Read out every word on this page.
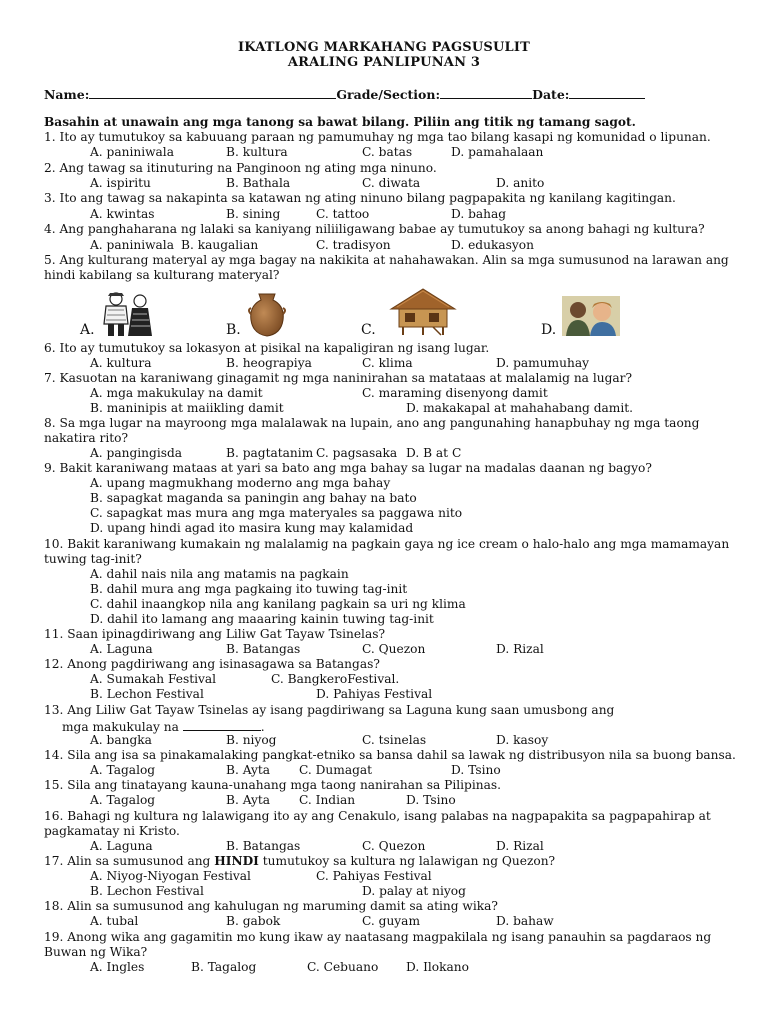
IKATLONG MARKAHANG PAGSUSULIT
ARALING PANLIPUNAN 3
Name:	Grade/Section:	Date:
Basahin at unawain ang mga tanong sa bawat bilang. Piliin ang titik ng tamang sagot.
1. Ito ay tumutukoy sa kabuuang paraan ng pamumuhay ng mga tao bilang kasapi ng komunidad o lipunan.
A. paniniwala	B. kultura	C. batas	D. pamahalaan
2. Ang tawag sa itinuturing na Panginoon ng ating mga ninuno.
A. ispiritu	B. Bathala	C. diwata	D. anito
3. Ito ang tawag sa nakapinta sa katawan ng ating ninuno bilang pagpapakita ng kanilang kagitingan.
A. kwintas	B. sining	C. tattoo	D. bahag
4. Ang panghaharana ng lalaki sa kaniyang niliiligawang babae ay tumutukoy sa anong bahagi ng kultura?
A. paniniwala B. kaugalian	C. tradisyon	D. edukasyon
5. Ang kulturang materyal ay mga bagay na nakikita at nahahawakan. Alin sa mga sumusunod na larawan ang
hindi kabilang sa kulturang materyal?
A.	B.	C.	D.
6. Ito ay tumutukoy sa lokasyon at pisikal na kapaligiran ng isang lugar.
A. kultura	B. heograpiya	C. klima	D. pamumuhay
7. Kasuotan na karaniwang ginagamit ng mga naninirahan sa matataas at malalamig na lugar?
A. mga makukulay na damit	C. maraming disenyong damit
B. maninipis at maiikling damit	D. makakapal at mahahabang damit.
8. Sa mga lugar na mayroong mga malalawak na lupain, ano ang pangunahing hanapbuhay ng mga taong
nakatira rito?
A. pangingisda	B. pagtatanim C. pagsasaka D. B at C
9. Bakit karaniwang mataas at yari sa bato ang mga bahay sa lugar na madalas daanan ng bagyo?
A. upang magmukhang moderno ang mga bahay
B. sapagkat maganda sa paningin ang bahay na bato
C. sapagkat mas mura ang mga materyales sa paggawa nito
D. upang hindi agad ito masira kung may kalamidad
10. Bakit karaniwang kumakain ng malalamig na pagkain gaya ng ice cream o halo-halo ang mga mamamayan
tuwing tag-init?
A. dahil nais nila ang matamis na pagkain
B. dahil mura ang mga pagkaing ito tuwing tag-init
C. dahil inaangkop nila ang kanilang pagkain sa uri ng klima
D. dahil ito lamang ang maaaring kainin tuwing tag-init
11. Saan ipinagdiriwang ang Liliw Gat Tayaw Tsinelas?
A. Laguna	B. Batangas	C. Quezon	D. Rizal
12. Anong pagdiriwang ang isinasagawa sa Batangas?
A. Sumakah Festival	C. BangkeroFestival.
B. Lechon Festival	D. Pahiyas Festival
13. Ang Liliw Gat Tayaw Tsinelas ay isang pagdiriwang sa Laguna kung saan umusbong ang
mga makukulay na	.
A. bangka	B. niyog	C. tsinelas	D. kasoy
14. Sila ang isa sa pinakamalaking pangkat-etniko sa bansa dahil sa lawak ng distribusyon nila sa buong bansa.
A. Tagalog	B. Ayta C. Dumagat	D. Tsino
15. Sila ang tinatayang kauna-unahang mga taong nanirahan sa Pilipinas.
A. Tagalog	B. Ayta C. Indian	D. Tsino
16. Bahagi ng kultura ng lalawigang ito ay ang Cenakulo, isang palabas na nagpapakita sa pagpapahirap at
pagkamatay ni Kristo.
A. Laguna	B. Batangas	C. Quezon	D. Rizal
17. Alin sa sumusunod ang HINDI tumutukoy sa kultura ng lalawigan ng Quezon?
A. Niyog-Niyogan Festival	C. Pahiyas Festival
B. Lechon Festival	D. palay at niyog
18. Alin sa sumusunod ang kahulugan ng maruming damit sa ating wika?
A. tubal	B. gabok	C. guyam	D. bahaw
19. Anong wika ang gagamitin mo kung ikaw ay naatasang magpakilala ng isang panauhin sa pagdaraos ng
Buwan ng Wika?
A. Ingles	B. Tagalog	C. Cebuano D. Ilokano
